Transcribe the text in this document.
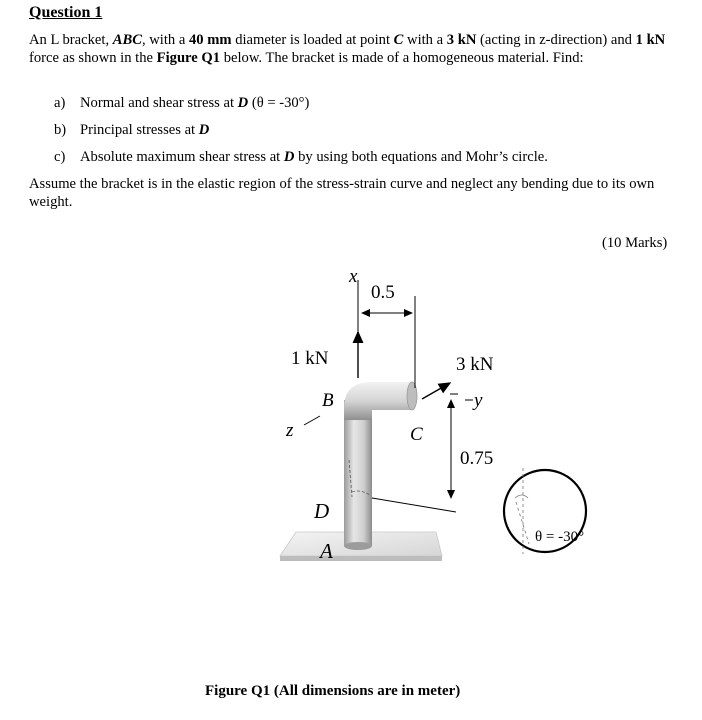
Question 1

An L bracket, ABC, with a 40 mm diameter is loaded at point C with a 3 kN (acting in z-direction) and 1 kN force as shown in the Figure Q1 below. The bracket is made of a homogeneous material. Find:

a) Normal and shear stress at D (θ = -30°)
b) Principal stresses at D
c) Absolute maximum shear stress at D by using both equations and Mohr’s circle.

Assume the bracket is in the elastic region of the stress-strain curve and neglect any bending due to its own weight.

(10 Marks)

x
0.5
1 kN	3 kN
B
z
y
C
0.75
D
A
θ = -30°

Figure Q1 (All dimensions are in meter)
